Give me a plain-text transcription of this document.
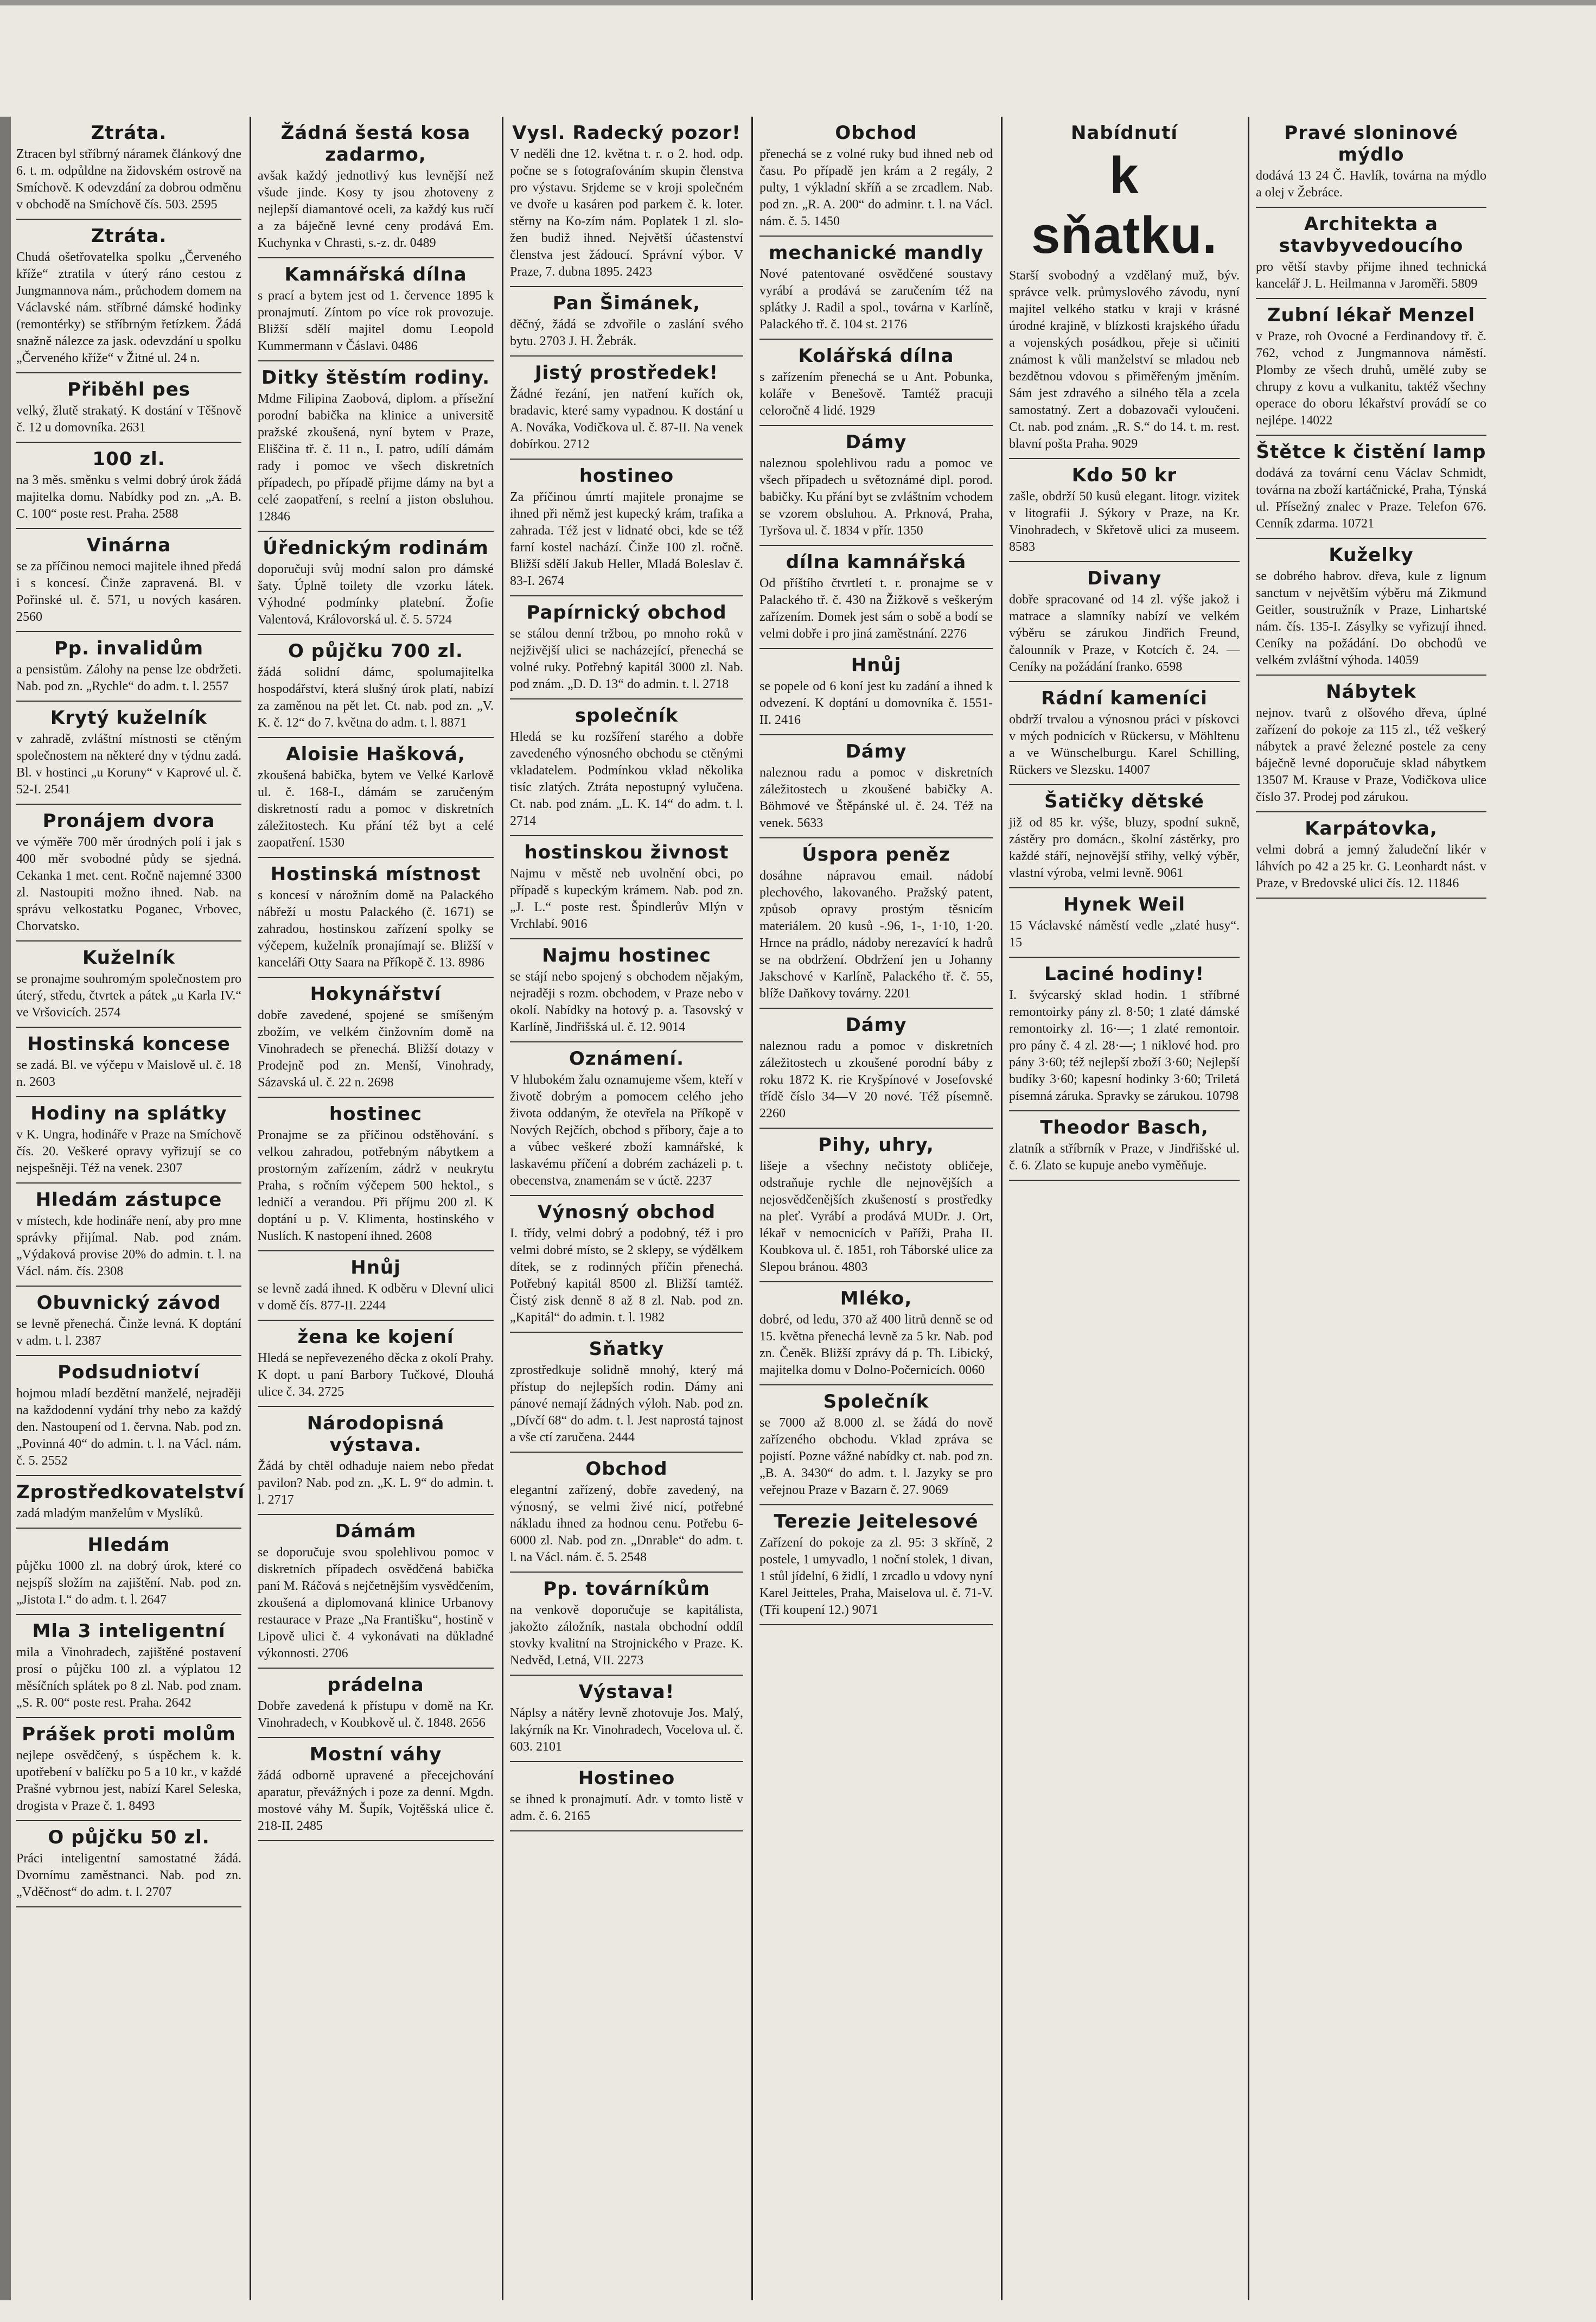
Ztráta.

Ztracen byl stříbrný náramek článkový dne 6. t. m. odpůldne na židovském ostrově na Smíchově. K odevzdání za dobrou odměnu v obchodě na Smíchově čís. 503. 2595

Ztráta.

Chudá ošetřovatelka spolku „Červeného kříže“ ztratila v úterý ráno cestou z Jungmannova nám., průchodem domem na Václavské nám. stříbrné dámské hodinky (remontérky) se stříbrným řetízkem. Žádá snažně nálezce za jask. odevzdání u spolku „Červeného kříže“ v Žitné ul. 24 n.

Přiběhl pes

velký, žlutě strakatý. K dostání v Těšnově č. 12 u domovníka. 2631

100 zl.

na 3 měs. směnku s velmi dobrý úrok žádá majitelka domu. Nabídky pod zn. „A. B. C. 100“ poste rest. Praha. 2588

Vinárna

se za příčinou nemoci majitele ihned předá i s koncesí. Činže zapravená. Bl. v Pořinské ul. č. 571, u nových kasáren. 2560

Pp. invalidům

a pensistům. Zálohy na pense lze obdržeti. Nab. pod zn. „Rychle“ do adm. t. l. 2557

Krytý kuželník

v zahradě, zvláštní místnosti se ctěným společnostem na některé dny v týdnu zadá. Bl. v hostinci „u Koruny“ v Kaprové ul. č. 52-I. 2541

Pronájem dvora

ve výměře 700 měr úrodných polí i jak s 400 měr svobodné půdy se sjedná. Cekanka 1 met. cent. Ročně najemné 3300 zl. Nastoupiti možno ihned. Nab. na správu velkostatku Poganec, Vrbovec, Chorvatsko.

Kuželník

se pronajme souhromým společnostem pro úterý, středu, čtvrtek a pátek „u Karla IV.“ ve Vršovicích. 2574

Hostinská koncese

se zadá. Bl. ve výčepu v Maislově ul. č. 18 n. 2603

Hodiny na splátky

v K. Ungra, hodináře v Praze na Smíchově čís. 20. Veškeré opravy vyřizují se co nejspešněji. Též na venek. 2307

Hledám zástupce

v místech, kde hodináře není, aby pro mne správky přijímal. Nab. pod znám. „Výdaková provise 20% do admin. t. l. na Václ. nám. čís. 2308

Obuvnický závod

se levně přenechá. Činže levná. K doptání v adm. t. l. 2387

Podsudniotví

hojmou mladí bezdětní manželé, nejraději na každodenní vydání trhy nebo za každý den. Nastoupení od 1. června. Nab. pod zn. „Povinná 40“ do admin. t. l. na Václ. nám. č. 5. 2552

Zprostředkovatelství

zadá mladým manželům v Myslíků.

Hledám

půjčku 1000 zl. na dobrý úrok, které co nejspíš složím na zajištění. Nab. pod zn. „Jistota I.“ do adm. t. l. 2647

Mla 3 inteligentní

mila a Vinohradech, zajištěné postavení prosí o půjčku 100 zl. a výplatou 12 měsíčních splátek po 8 zl. Nab. pod znam. „S. R. 00“ poste rest. Praha. 2642

Prášek proti molům

nejlepe osvědčený, s úspěchem k. k. upotřebení v balíčku po 5 a 10 kr., v každé Prašné vybrnou jest, nabízí Karel Seleska, drogista v Praze č. 1. 8493

O půjčku 50 zl.

Práci inteligentní samostatné žádá. Dvornímu zaměstnanci. Nab. pod zn. „Vděčnost“ do adm. t. l. 2707

Žádná šestá kosa zadarmo,

avšak každý jednotlivý kus levnější než všude jinde. Kosy ty jsou zhotoveny z nejlepší diamantové oceli, za každý kus ručí a za báječně levné ceny prodává Em. Kuchynka v Chrasti, s.-z. dr. 0489

Kamnářská dílna

s prací a bytem jest od 1. července 1895 k pronajmutí. Zíntom po více rok provozuje. Bližší sdělí majitel domu Leopold Kummermann v Čáslavi. 0486

Ditky štěstím rodiny.

Mdme Filipina Zaobová, diplom. a přísežní porodní babička na klinice a universitě pražské zkoušená, nyní bytem v Praze, Eliščina tř. č. 11 n., I. patro, udílí dámám rady i pomoc ve všech diskretních případech, po případě přijme dámy na byt a celé zaopatření, s reelní a jiston obsluhou. 12846

Úřednickým rodinám

doporučuji svůj modní salon pro dámské šaty. Úplně toilety dle vzorku látek. Výhodné podmínky platební. Žofie Valentová, Královorská ul. č. 5. 5724

O půjčku 700 zl.

žádá solidní dámc, spolumajitelka hospodářství, která slušný úrok platí, nabízí za zaměnou na pět let. Ct. nab. pod zn. „V. K. č. 12“ do 7. května do adm. t. l. 8871

Aloisie Hašková,

zkoušená babička, bytem ve Velké Karlově ul. č. 168-I., dámám se zaručeným diskretností radu a pomoc v diskretních záležitostech. Ku přání též byt a celé zaopatření. 1530

Hostinská místnost

s koncesí v nárožním domě na Palackého nábřeží u mostu Palackého (č. 1671) se zahradou, hostinskou zařízení spolky se výčepem, kuželník pronajímají se. Bližší v kanceláři Otty Saara na Příkopě č. 13. 8986

Hokynářství

dobře zavedené, spojené se smíšeným zbožím, ve velkém činžovním domě na Vinohradech se přenechá. Bližší dotazy v Prodejně pod zn. Menší, Vinohrady, Sázavská ul. č. 22 n. 2698

hostinec

Pronajme se za příčinou odstěhování. s velkou zahradou, potřebným nábytkem a prostorným zařízením, zádrž v neukrytu Praha, s ročním výčepem 500 hektol., s ledničí a verandou. Při příjmu 200 zl. K doptání u p. V. Klimenta, hostinského v Nuslích. K nastopení ihned. 2608

Hnůj

se levně zadá ihned. K odběru v Dlevní ulici v domě čís. 877-II. 2244

žena ke kojení

Hledá se nepřevezeného děcka z okolí Prahy. K dopt. u paní Barbory Tučkové, Dlouhá ulice č. 34. 2725

Národopisná výstava.

Žádá by chtěl odhaduje naiem nebo předat pavilon? Nab. pod zn. „K. L. 9“ do admin. t. l. 2717

Dámám

se doporučuje svou spolehlivou pomoc v diskretních případech osvědčená babička paní M. Ráčová s nejčetnějším vysvědčením, zkoušená a diplomovaná klinice Urbanovy restaurace v Praze „Na Františku“, hostině v Lipově ulici č. 4 vykonávati na důkladné výkonnosti. 2706

prádelna

Dobře zavedená k přístupu v domě na Kr. Vinohradech, v Koubkově ul. č. 1848. 2656

Mostní váhy

žádá odborně upravené a přecejchování aparatur, převážných i poze za denní. Mgdn. mostové váhy M. Šupík, Vojtěšská ulice č. 218-II. 2485

Vysl. Radecký pozor!

V neděli dne 12. května t. r. o 2. hod. odp. počne se s fotografováním skupin členstva pro výstavu. Srjdeme se v kroji společném ve dvoře u kasáren pod parkem č. k. loter. stěrny na Ko-zím nám. Poplatek 1 zl. slo-žen budiž ihned. Největší účastenství členstva jest žádoucí. Správní výbor. V Praze, 7. dubna 1895. 2423

Pan Šimánek,

děčný, žádá se zdvořile o zaslání svého bytu. 2703 J. H. Žebrák.

Jistý prostředek!

Žádné řezání, jen natření kuřích ok, bradavic, které samy vypadnou. K dostání u A. Nováka, Vodičkova ul. č. 87-II. Na venek dobírkou. 2712

hostineo

Za příčinou úmrtí majitele pronajme se ihned při němž jest kupecký krám, trafika a zahrada. Též jest v lidnaté obci, kde se též farní kostel nachází. Činže 100 zl. ročně. Bližší sdělí Jakub Heller, Mladá Boleslav č. 83-I. 2674

Papírnický obchod

se stálou denní tržbou, po mnoho roků v nejživější ulici se nacházející, přenechá se volné ruky. Potřebný kapitál 3000 zl. Nab. pod znám. „D. D. 13“ do admin. t. l. 2718

společník

Hledá se ku rozšíření starého a dobře zavedeného výnosného obchodu se ctěnými vkladatelem. Podmínkou vklad několika tisíc zlatých. Ztráta nepostupný vylučena. Ct. nab. pod znám. „L. K. 14“ do adm. t. l. 2714

hostinskou živnost

Najmu v městě neb uvolnění obci, po případě s kupeckým krámem. Nab. pod zn. „J. L.“ poste rest. Špindlerův Mlýn v Vrchlabí. 9016

Najmu hostinec

se stájí nebo spojený s obchodem nějakým, nejraději s rozm. obchodem, v Praze nebo v okolí. Nabídky na hotový p. a. Tasovský v Karlíně, Jindřišská ul. č. 12. 9014

Oznámení.

V hlubokém žalu oznamujeme všem, kteří v životě dobrým a pomocem celého jeho života oddaným, že otevřela na Příkopě v Nových Rejčích, obchod s příbory, čaje a to a vůbec veškeré zboží kamnářské, k laskavému příčení a dobrém zacházeli p. t. obecenstva, znamenám se v úctě. 2237

Výnosný obchod

I. třídy, velmi dobrý a podobný, též i pro velmi dobré místo, se 2 sklepy, se výdělkem dítek, se z rodinných příčin přenechá. Potřebný kapitál 8500 zl. Bližší tamtéž. Čistý zisk denně 8 až 8 zl. Nab. pod zn. „Kapitál“ do admin. t. l. 1982

Sňatky

zprostředkuje solidně mnohý, který má přístup do nejlepších rodin. Dámy ani pánové nemají žádných výloh. Nab. pod zn. „Dívčí 68“ do adm. t. l. Jest naprostá tajnost a vše ctí zaručena. 2444

Obchod

elegantní zařízený, dobře zavedený, na výnosný, se velmi živé nicí, potřebné nákladu ihned za hodnou cenu. Potřebu 6-6000 zl. Nab. pod zn. „Dnrable“ do adm. t. l. na Václ. nám. č. 5. 2548

Pp. továrníkům

na venkově doporučuje se kapitálista, jakožto záložník, nastala obchodní oddíl stovky kvalitní na Strojnického v Praze. K. Nedvěd, Letná, VII. 2273

Výstava!

Náplsy a nátěry levně zhotovuje Jos. Malý, lakýrník na Kr. Vinohradech, Vocelova ul. č. 603. 2101

Hostineo

se ihned k pronajmutí. Adr. v tomto listě v adm. č. 6. 2165

Obchod

přenechá se z volné ruky bud ihned neb od času. Po případě jen krám a 2 regály, 2 pulty, 1 výkladní skříň a se zrcadlem. Nab. pod zn. „R. A. 200“ do adminr. t. l. na Václ. nám. č. 5. 1450

mechanické mandly

Nové patentované osvědčené soustavy vyrábí a prodává se zaručením též na splátky J. Radil a spol., továrna v Karlíně, Palackého tř. č. 104 st. 2176

Kolářská dílna

s zařízením přenechá se u Ant. Pobunka, koláře v Benešově. Tamtéž pracuji celoročně 4 lidé. 1929

Dámy

naleznou spolehlivou radu a pomoc ve všech případech u světoznámé dipl. porod. babičky. Ku přání byt se zvláštním vchodem se vzorem obsluhou. A. Prknová, Praha, Tyršova ul. č. 1834 v přír. 1350

dílna kamnářská

Od příštího čtvrtletí t. r. pronajme se v Palackého tř. č. 430 na Žižkově s veškerým zařízením. Domek jest sám o sobě a bodí se velmi dobře i pro jiná zaměstnání. 2276

Hnůj

se popele od 6 koní jest ku zadání a ihned k odvezení. K doptání u domovníka č. 1551-II. 2416

Dámy

naleznou radu a pomoc v diskretních záležitostech u zkoušené babičky A. Böhmové ve Štěpánské ul. č. 24. Též na venek. 5633

Úspora peněz

dosáhne nápravou email. nádobí plechového, lakovaného. Pražský patent, způsob opravy prostým těsnicím materiálem. 20 kusů -.96, 1-, 1·10, 1·20. Hrnce na prádlo, nádoby nerezavící k hadrů se na obdržení. Obdržení jen u Johanny Jakschové v Karlíně, Palackého tř. č. 55, blíže Daňkovy továrny. 2201

Dámy

naleznou radu a pomoc v diskretních záležitostech u zkoušené porodní báby z roku 1872 K. rie Kryšpínové v Josefovské třídě číslo 34—V 20 nové. Též písemně. 2260

Pihy, uhry,

lišeje a všechny nečistoty obličeje, odstraňuje rychle dle nejnovějších a nejosvědčenějších zkušeností s prostředky na pleť. Vyrábí a prodává MUDr. J. Ort, lékař v nemocnicích v Paříži, Praha II. Koubkova ul. č. 1851, roh Táborské ulice za Slepou bránou. 4803

Mléko,

dobré, od ledu, 370 až 400 litrů denně se od 15. května přenechá levně za 5 kr. Nab. pod zn. Čeněk. Bližší zprávy dá p. Th. Libický, majitelka domu v Dolno-Počernicích. 0060

Společník

se 7000 až 8.000 zl. se žádá do nově zařízeného obchodu. Vklad zpráva se pojistí. Pozne vážné nabídky ct. nab. pod zn. „B. A. 3430“ do adm. t. l. Jazyky se pro veřejnou Praze v Bazarn č. 27. 9069

Terezie Jeitelesové

Zařízení do pokoje za zl. 95: 3 skříně, 2 postele, 1 umyvadlo, 1 noční stolek, 1 divan, 1 stůl jídelní, 6 židlí, 1 zrcadlo u vdovy nyní Karel Jeitteles, Praha, Maiselova ul. č. 71-V. (Tři koupení 12.) 9071

Nabídnutí
k sňatku.

Starší svobodný a vzdělaný muž, býv. správce velk. průmyslového závodu, nyní majitel velkého statku v kraji v krásné úrodné krajině, v blízkosti krajského úřadu a vojenských posádkou, přeje si učiniti známost k vůli manželství se mladou neb bezdětnou vdovou s přiměřeným jměním. Sám jest zdravého a silného těla a zcela samostatný. Zert a dobazovači vyloučeni. Ct. nab. pod znám. „R. S.“ do 14. t. m. rest. blavní pošta Praha. 9029

Kdo 50 kr

zašle, obdrží 50 kusů elegant. litogr. vizitek v litografii J. Sýkory v Praze, na Kr. Vinohradech, v Skřetově ulici za museem. 8583

Divany

dobře spracované od 14 zl. výše jakož i matrace a slamníky nabízí ve velkém výběru se zárukou Jindřich Freund, čalounník v Praze, v Kotcích č. 24. — Ceníky na požádání franko. 6598

Rádní kameníci

obdrží trvalou a výnosnou práci v pískovci v mých podnicích v Rückersu, v Möhltenu a ve Wünschelburgu. Karel Schilling, Rückers ve Slezsku. 14007

Šatičky dětské

již od 85 kr. výše, bluzy, spodní sukně, zástěry pro domácn., školní zástěrky, pro každé stáří, nejnovější střihy, velký výběr, vlastní výroba, velmi levně. 9061

Hynek Weil

15 Václavské náměstí vedle „zlaté husy“. 15

Laciné hodiny!

I. švýcarský sklad hodin. 1 stříbrné remontoirky pány zl. 8·50; 1 zlaté dámské remontoirky zl. 16·—; 1 zlaté remontoir. pro pány č. 4 zl. 28·—; 1 niklové hod. pro pány 3·60; též nejlepší zboží 3·60; Nejlepší budíky 3·60; kapesní hodinky 3·60; Triletá písemná záruka. Spravky se zárukou. 10798

Theodor Basch,

zlatník a stříbrník v Praze, v Jindřišské ul. č. 6. Zlato se kupuje anebo vyměňuje.

Pravé sloninové mýdlo

dodává 13 24 Č. Havlík, továrna na mýdlo a olej v Žebráce.

Architekta a stavbyvedoucího

pro větší stavby přijme ihned technická kancelář J. L. Heilmanna v Jaroměři. 5809

Zubní lékař Menzel

v Praze, roh Ovocné a Ferdinandovy tř. č. 762, vchod z Jungmannova náměstí. Plomby ze všech druhů, umělé zuby se chrupy z kovu a vulkanitu, taktéž všechny operace do oboru lékařství provádí se co nejlépe. 14022

Štětce k čistění lamp

dodává za tovární cenu Václav Schmidt, továrna na zboží kartáčnické, Praha, Týnská ul. Přísežný znalec v Praze. Telefon 676. Cenník zdarma. 10721

Kuželky

se dobrého habrov. dřeva, kule z lignum sanctum v největším výběru má Zikmund Geitler, soustružník v Praze, Linhartské nám. čís. 135-I. Zásylky se vyřizují ihned. Ceníky na požádání. Do obchodů ve velkém zvláštní výhoda. 14059

Nábytek

nejnov. tvarů z olšového dřeva, úplné zařízení do pokoje za 115 zl., též veškerý nábytek a pravé železné postele za ceny báječně levné doporučuje sklad nábytkem 13507 M. Krause v Praze, Vodičkova ulice číslo 37. Prodej pod zárukou.

Karpátovka,

velmi dobrá a jemný žaludeční likér v láhvích po 42 a 25 kr. G. Leonhardt nást. v Praze, v Bredovské ulici čís. 12. 11846
